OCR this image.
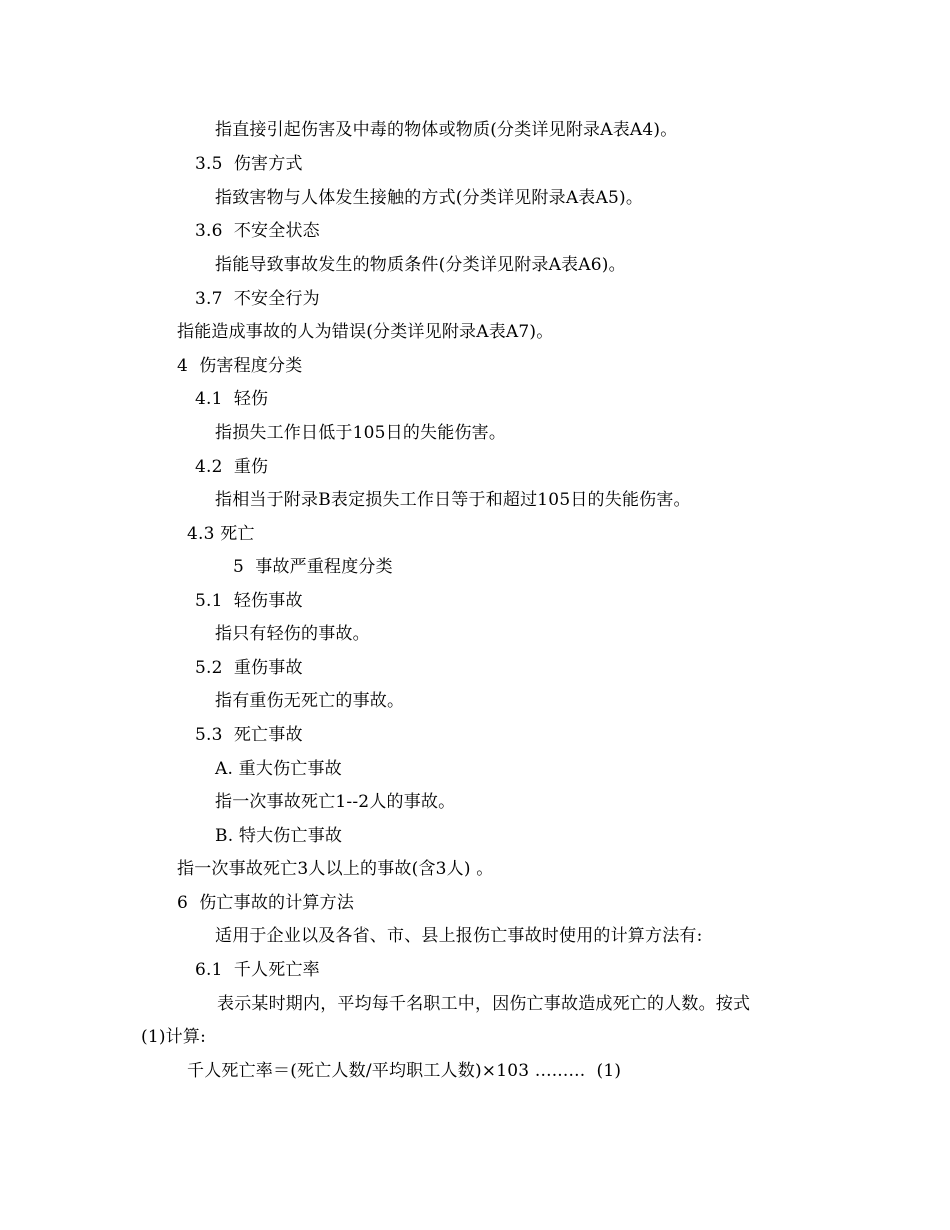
指直接引起伤害及中毒的物体或物质(分类详见附录A表A4)。
3.5  伤害方式
指致害物与人体发生接触的方式(分类详见附录A表A5)。
3.6  不安全状态
指能导致事故发生的物质条件(分类详见附录A表A6)。
3.7  不安全行为
指能造成事故的人为错误(分类详见附录A表A7)。
4  伤害程度分类
4.1  轻伤
指损失工作日低于105日的失能伤害。
4.2  重伤
指相当于附录B表定损失工作日等于和超过105日的失能伤害。
4.3 死亡
5  事故严重程度分类
5.1  轻伤事故
指只有轻伤的事故。
5.2  重伤事故
指有重伤无死亡的事故。
5.3  死亡事故
A. 重大伤亡事故
指一次事故死亡1--2人的事故。
B. 特大伤亡事故
指一次事故死亡3人以上的事故(含3人) 。
6  伤亡事故的计算方法
适用于企业以及各省、市、县上报伤亡事故时使用的计算方法有:
6.1  千人死亡率
表示某时期内，平均每千名职工中，因伤亡事故造成死亡的人数。按式
(1)计算:
千人死亡率＝(死亡人数/平均职工人数)×103 .........  (1)
